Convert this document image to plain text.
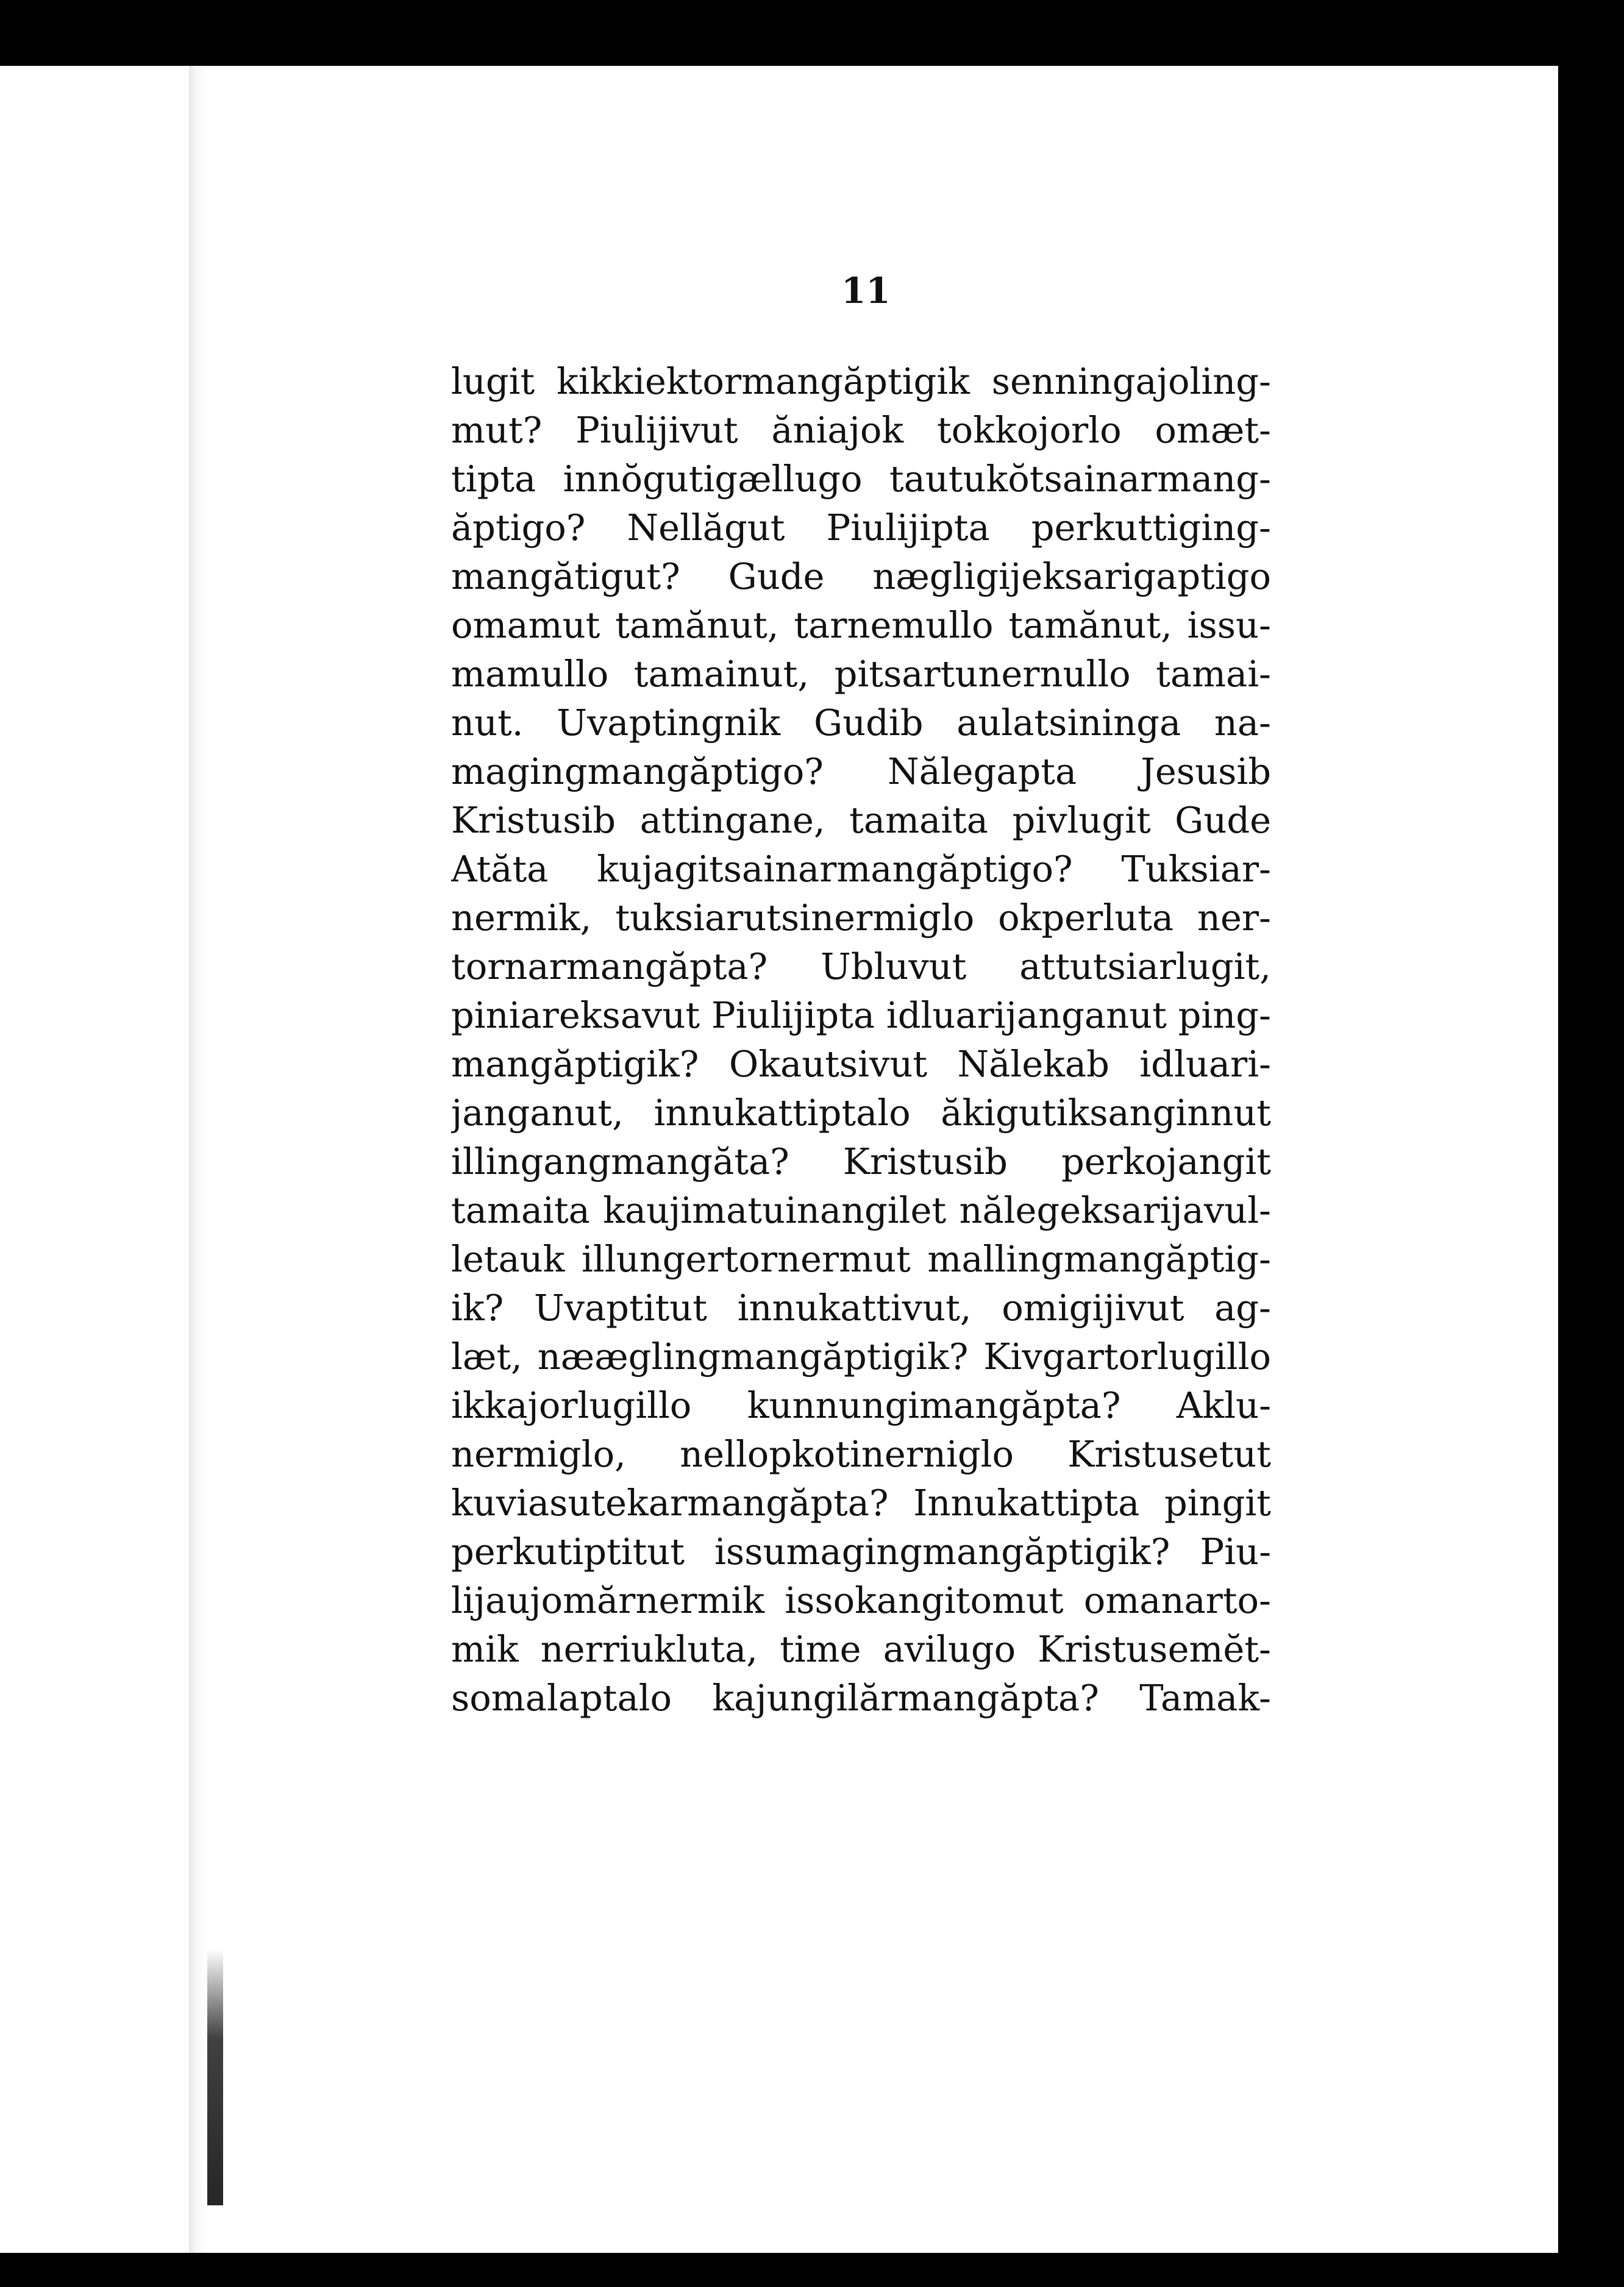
11
lugit kikkiektormangăptigik senningajoling-
mut? Piulijivut ăniajok tokkojorlo omæt-
tipta innŏgutigællugo tautukŏtsainarmang-
ăptigo? Nellăgut Piulijipta perkuttiging-
mangătigut? Gude nægligijeksarigaptigo
omamut tamănut, tarnemullo tamănut, issu-
mamullo tamainut, pitsartunernullo tamai-
nut. Uvaptingnik Gudib aulatsininga na-
magingmangăptigo? Nălegapta Jesusib
Kristusib attingane, tamaita pivlugit Gude
Atăta kujagitsainarmangăptigo? Tuksiar-
nermik, tuksiarutsinermiglo okperluta ner-
tornarmangăpta? Ubluvut attutsiarlugit,
piniareksavut Piulijipta idluarijanganut ping-
mangăptigik? Okautsivut Nălekab idluari-
janganut, innukattiptalo ăkigutiksanginnut
illingangmangăta? Kristusib perkojangit
tamaita kaujimatuinangilet nălegeksarijavul-
letauk illungertornermut mallingmangăptig-
ik? Uvaptitut innukattivut, omigijivut ag-
læt, nææglingmangăptigik? Kivgartorlugillo
ikkajorlugillo kunnungimangăpta? Aklu-
nermiglo, nellopkotinerniglo Kristusetut
kuviasutekarmangăpta? Innukattipta pingit
perkutiptitut issumagingmangăptigik? Piu-
lijaujomărnermik issokangitomut omanarto-
mik nerriukluta, time avilugo Kristusemĕt-
somalaptalo kajungilărmangăpta? Tamak-
